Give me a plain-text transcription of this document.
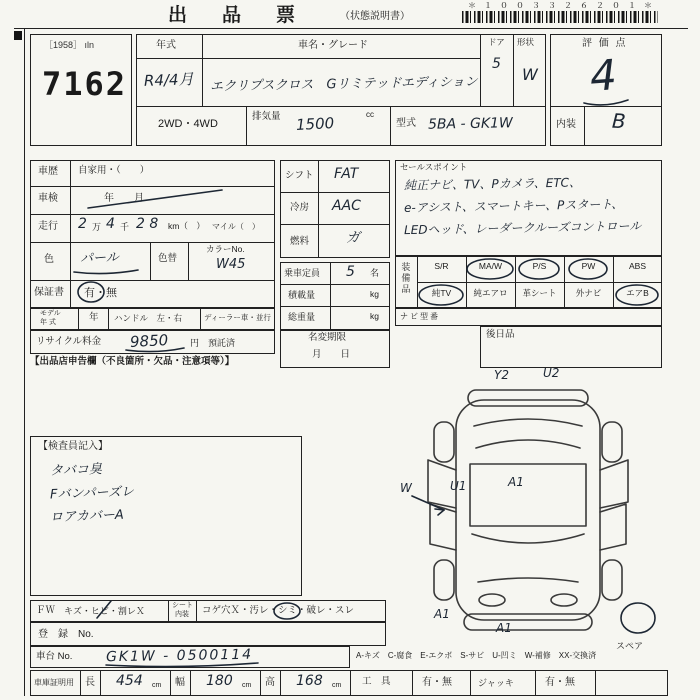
出　品　票	（状態説明書）
＊１００３３２６２０１＊
［1958］ ıln
7162
年式
R4/4月
車名・グレード
エクリプスクロス　Gリミテッドエディション
ドア
5
形状
W
2WD・4WD
排気量	cc
1500	型式 5BA - GK1W
評 価 点
4
内装 B
車歴 自家用・（　　）
車検	年　　月
走行 2 万 4 千 2 8 km（　） マイル（　）
色 パール	色替
カラーNo.
W45
保証書 有・無
シフト FAT
冷房 AAC
燃料	ガ
乗車定員 5 名
積載量	kg
総重量	kg
名変期限
月　　日
セールスポイント
純正ナビ、TV、Pカメラ、ETC、
e-アシスト、スマートキー、Pスタート、
LEDヘッド、レーダークルーズコントロール
装備品	S/R	MA/W	P/S	PW	ABS
純TV	純エアロ	革シート	外ナビ	エアB
ナビ型番
後日品
モデル
年 式	年 ハンドル　左・右	ディーラー車・並行
リサイクル料金 9850 円　預託済
【出品店申告欄（不良箇所・欠品・注意項等）】
【検査員記入】
タバコ臭
Fバンパーズレ
ロアカバーA
Y2	U2
W	U1	A1
A1
A1
スペア
ＦＷ キズ・ヒビ・割レＸ
シート
内装 コゲ穴Ｘ・汚レ・シミ・破レ・スレ
登　録　No.
車台 No. GK1W - 0500114	A-キズ　C-腐食　E-エクボ　S-サビ　U-凹ミ　W-補修　XX-交換済
車庫証明用 長 454 cm 幅 180 cm 高 168 cm 工　具	有・無	ジャッキ	有・無
